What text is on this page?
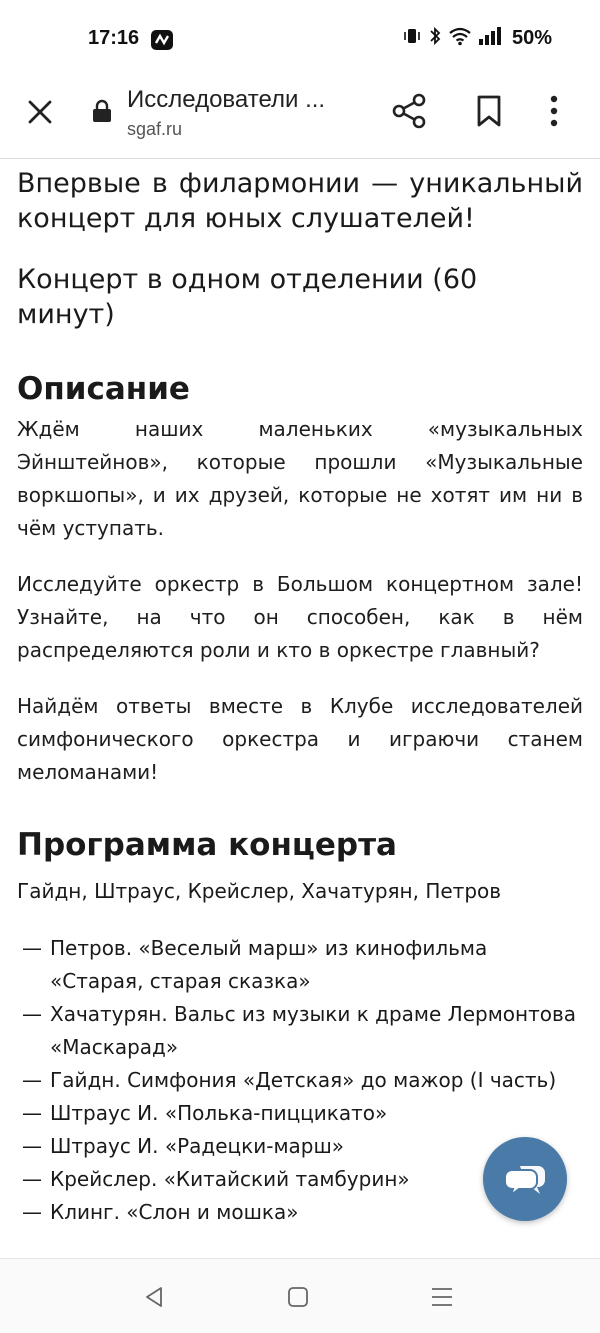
17:16	50%
Исследователи ...
sgaf.ru

Впервые в филармонии — уникальный концерт для юных слушателей!

Концерт в одном отделении (60 минут)

Описание

Ждём наших маленьких «музыкальных Эйнштейнов», которые прошли «Музыкальные воркшопы», и их друзей, которые не хотят им ни в чём уступать.

Исследуйте оркестр в Большом концертном зале! Узнайте, на что он способен, как в нём распределяются роли и кто в оркестре главный?

Найдём ответы вместе в Клубе исследователей симфонического оркестра и играючи станем меломанами!

Программа концерта
Гайдн, Штраус, Крейслер, Хачатурян, Петров
— Петров. «Веселый марш» из кинофильма «Старая, старая сказка»
— Хачатурян. Вальс из музыки к драме Лермонтова «Маскарад»
— Гайдн. Симфония «Детская» до мажор (I часть)
— Штраус И. «Полька-пиццикато»
— Штраус И. «Радецки-марш»
— Крейслер. «Китайский тамбурин»
— Клинг. «Слон и мошка»
